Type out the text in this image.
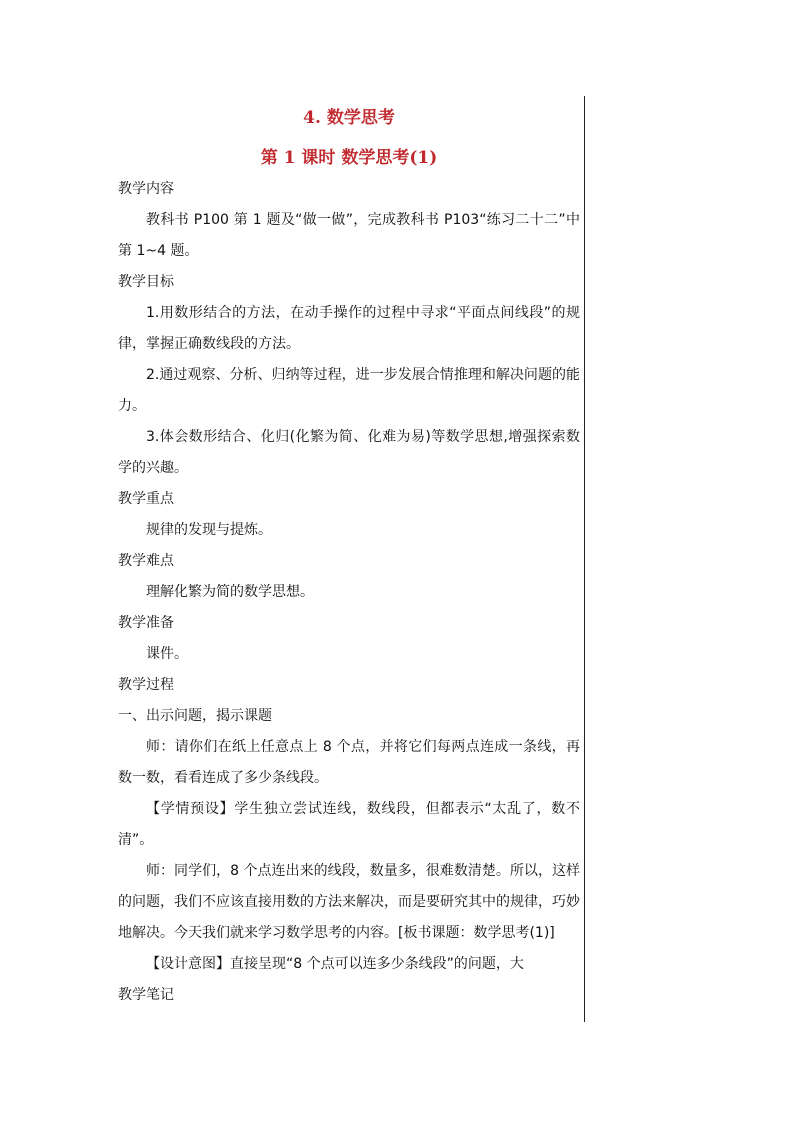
4. 数学思考
第 1 课时 数学思考(1)

教学内容

教科书 P100 第 1 题及“做一做”，完成教科书 P103“练习二十二”中第 1~4 题。

教学目标

1.用数形结合的方法，在动手操作的过程中寻求“平面点间线段”的规律，掌握正确数线段的方法。

2.通过观察、分析、归纳等过程，进一步发展合情推理和解决问题的能力。

3.体会数形结合、化归(化繁为简、化难为易)等数学思想,增强探索数学的兴趣。

教学重点

规律的发现与提炼。

教学难点

理解化繁为简的数学思想。

教学准备

课件。

教学过程

一、出示问题，揭示课题

师：请你们在纸上任意点上 8 个点，并将它们每两点连成一条线，再数一数，看看连成了多少条线段。

【学情预设】学生独立尝试连线，数线段，但都表示“太乱了，数不清”。

师：同学们，8 个点连出来的线段，数量多，很难数清楚。所以，这样的问题，我们不应该直接用数的方法来解决，而是要研究其中的规律，巧妙地解决。今天我们就来学习数学思考的内容。[板书课题：数学思考(1)]

【设计意图】直接呈现“8 个点可以连多少条线段”的问题，大

教学笔记
